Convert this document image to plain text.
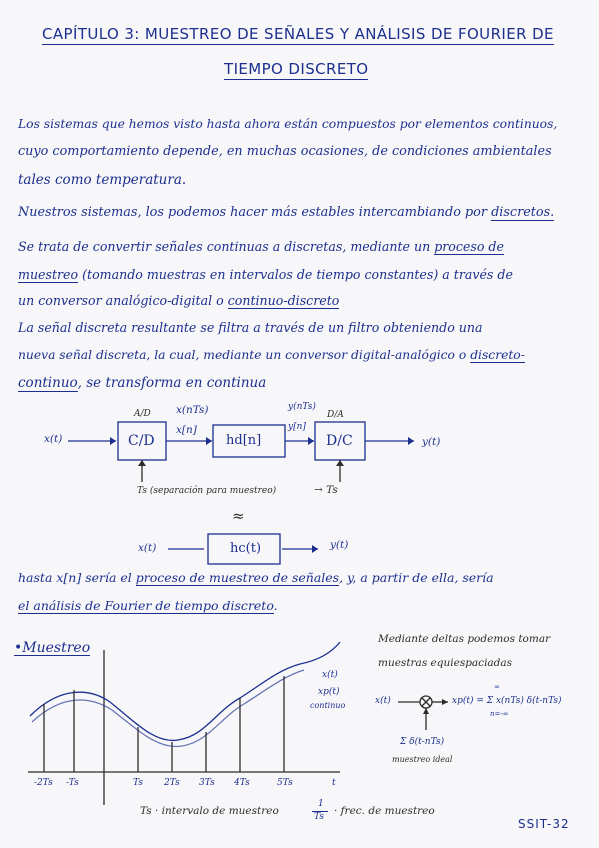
CAPÍTULO 3: MUESTREO DE SEÑALES Y ANÁLISIS DE FOURIER DE
TIEMPO DISCRETO
Los sistemas que hemos visto hasta ahora están compuestos por elementos continuos,
cuyo comportamiento depende, en muchas ocasiones, de condiciones ambientales
tales como temperatura.
Nuestros sistemas, los podemos hacer más estables intercambiando por discretos.
Se trata de convertir señales continuas a discretas, mediante un proceso de
muestreo (tomando muestras en intervalos de tiempo constantes) a través de
un conversor analógico-digital o continuo-discreto
La señal discreta resultante se filtra a través de un filtro obteniendo una
nueva señal discreta, la cual, mediante un conversor digital-analógico o discreto-
continuo, se transforma en continua
x(t)
A/D
C/D
x(nTs)
x[n]
hd[n]
y(nTs)
y[n]
D/A
D/C	y(t)
Ts (separación para muestreo)	→ Ts
≈
x(t)	hc(t)	y(t)
hasta x[n] sería el proceso de muestreo de señales, y, a partir de ella, sería
el análisis de Fourier de tiempo discreto.
•Muestreo
Mediante deltas podemos tomar
muestras equiespaciadas
x(t)
xp(t)
continuo	x(t)	xp(t) = Σ x(nTs) δ(t-nTs)
∞
n=-∞
Σ δ(t-nTs)
muestreo ideal
-2Ts -Ts	Ts 2Ts 3Ts 4Ts	5Ts	t
Ts · intervalo de muestreo
1
Ts · frec. de muestreo
SSIT-32
